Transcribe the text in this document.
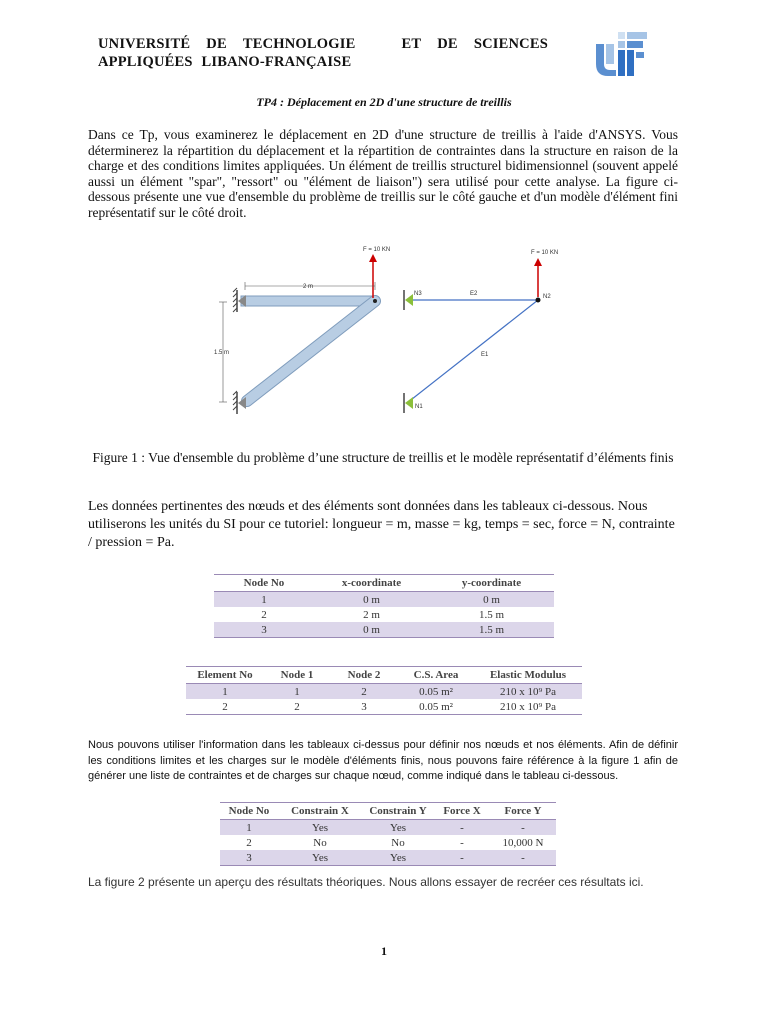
UNIVERSITÉ DE TECHNOLOGIE	ET DE SCIENCES
APPLIQUÉES LIBANO-FRANÇAISE
TP4 : Déplacement en 2D d'une structure de treillis
Dans ce Tp, vous examinerez le déplacement en 2D d'une structure de treillis à l'aide d'ANSYS. Vous déterminerez la répartition du déplacement et la répartition de contraintes dans la structure en raison de la charge et des conditions limites appliquées. Un élément de treillis structurel bidimensionnel (souvent appelé aussi un élément "spar", "ressort" ou "élément de liaison") sera utilisé pour cette analyse. La figure ci-dessous présente une vue d'ensemble du problème de treillis sur le côté gauche et d'un modèle d'élément fini représentatif sur le côté droit.
F = 10 KN
2 m
1.5 m
F = 10 KN
N3	N2
N1
E2
E1
Figure 1 : Vue d'ensemble du problème d’une structure de treillis et le modèle représentatif d’éléments finis
Les données pertinentes des nœuds et des éléments sont données dans les tableaux ci-dessous. Nous utiliserons les unités du SI pour ce tutoriel: longueur = m, masse = kg, temps = sec, force = N, contrainte / pression = Pa.
Node No	x-coordinate	y-coordinate
1	0 m	0 m
2	2 m	1.5 m
3	0 m	1.5 m
Element No	Node 1	Node 2	C.S. Area	Elastic Modulus
1	1	2	0.05 m²	210 x 10⁹ Pa
2	2	3	0.05 m²	210 x 10⁹ Pa
Nous pouvons utiliser l'information dans les tableaux ci-dessus pour définir nos nœuds et nos éléments. Afin de définir les conditions limites et les charges sur le modèle d'éléments finis, nous pouvons faire référence à la figure 1 afin de générer une liste de contraintes et de charges sur chaque nœud, comme indiqué dans le tableau ci-dessous.
Node No	Constrain X	Constrain Y	Force X	Force Y
1	Yes	Yes	-	-
2	No	No	-	10,000 N
3	Yes	Yes	-	-
La figure 2 présente un aperçu des résultats théoriques. Nous allons essayer de recréer ces résultats ici.
1
